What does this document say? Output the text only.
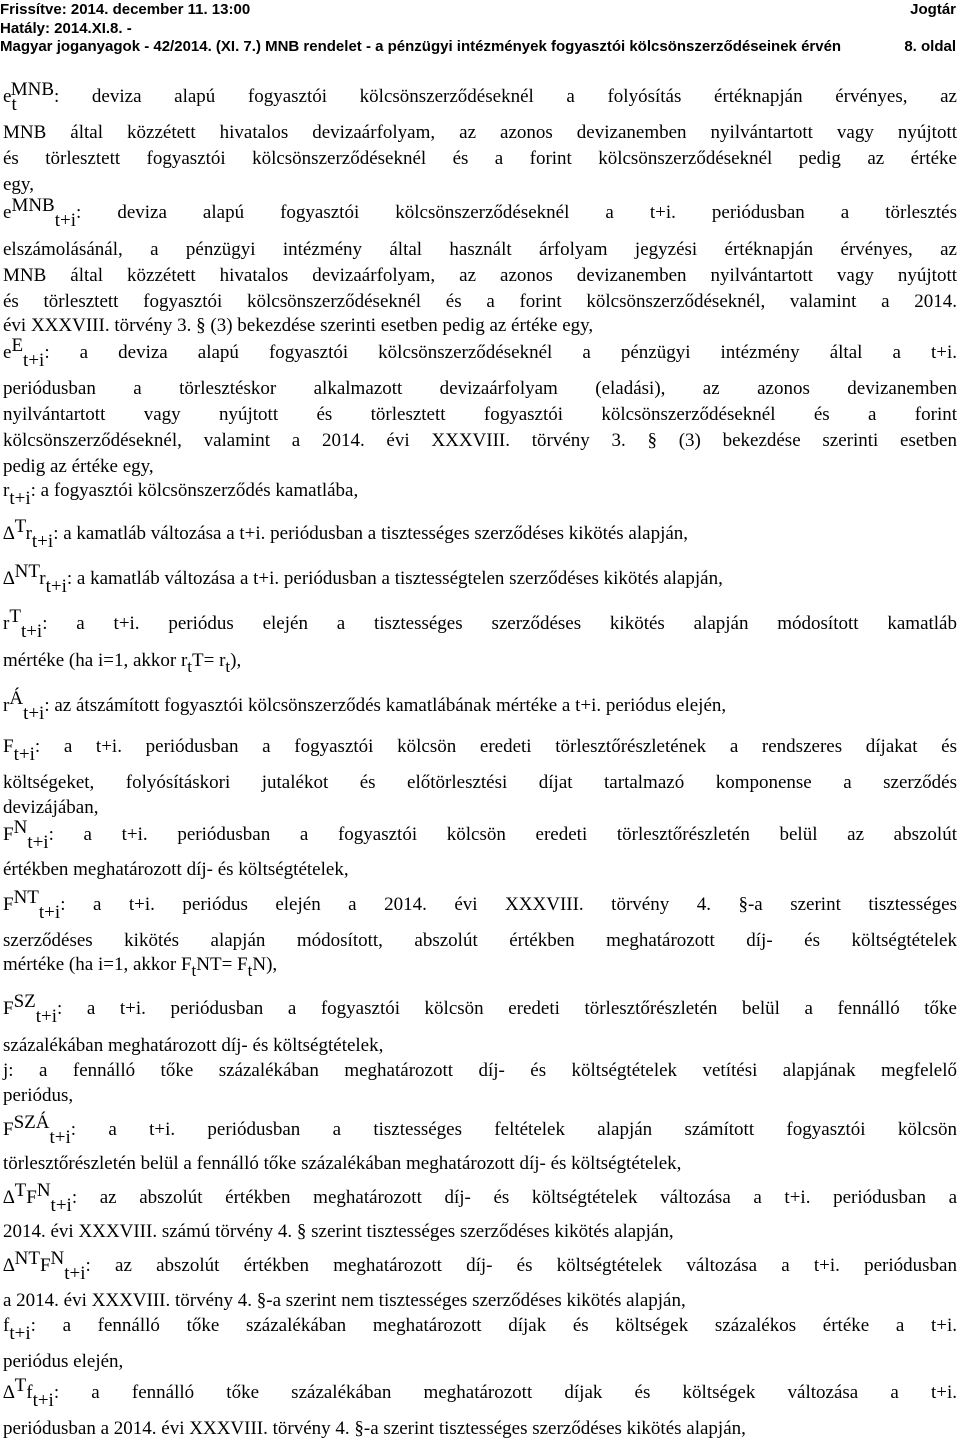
Frissítve: 2014. december 11. 13:00	Jogtár
Hatály: 2014.XI.8. -
Magyar joganyagok - 42/2014. (XI. 7.) MNB rendelet - a pénzügyi intézmények fogyasztói kölcsönszerződéseinek érvén	8. oldal
etMNB: deviza alapú fogyasztói kölcsönszerződéseknél a folyósítás értéknapján érvényes, az
MNB által közzétett hivatalos devizaárfolyam, az azonos devizanemben nyilvántartott vagy nyújtott
és törlesztett fogyasztói kölcsönszerződéseknél és a forint kölcsönszerződéseknél pedig az értéke
egy,
eMNBt+i: deviza alapú fogyasztói kölcsönszerződéseknél a t+i. periódusban a törlesztés
elszámolásánál, a pénzügyi intézmény által használt árfolyam jegyzési értéknapján érvényes, az
MNB által közzétett hivatalos devizaárfolyam, az azonos devizanemben nyilvántartott vagy nyújtott
és törlesztett fogyasztói kölcsönszerződéseknél és a forint kölcsönszerződéseknél, valamint a 2014.
évi XXXVIII. törvény 3. § (3) bekezdése szerinti esetben pedig az értéke egy,
eEt+i: a deviza alapú fogyasztói kölcsönszerződéseknél a pénzügyi intézmény által a t+i.
periódusban a törlesztéskor alkalmazott devizaárfolyam (eladási), az azonos devizanemben
nyilvántartott vagy nyújtott és törlesztett fogyasztói kölcsönszerződéseknél és a forint
kölcsönszerződéseknél, valamint a 2014. évi XXXVIII. törvény 3. § (3) bekezdése szerinti esetben
pedig az értéke egy,
rt+i: a fogyasztói kölcsönszerződés kamatlába,
∆Trt+i: a kamatláb változása a t+i. periódusban a tisztességes szerződéses kikötés alapján,
∆NTrt+i: a kamatláb változása a t+i. periódusban a tisztességtelen szerződéses kikötés alapján,
rTt+i: a t+i. periódus elején a tisztességes szerződéses kikötés alapján módosított kamatláb
mértéke (ha i=1, akkor rtT= rt),
rÁt+i: az átszámított fogyasztói kölcsönszerződés kamatlábának mértéke a t+i. periódus elején,
Ft+i: a t+i. periódusban a fogyasztói kölcsön eredeti törlesztőrészletének a rendszeres díjakat és
költségeket, folyósításkori jutalékot és előtörlesztési díjat tartalmazó komponense a szerződés
devizájában,
FNt+i: a t+i. periódusban a fogyasztói kölcsön eredeti törlesztőrészletén belül az abszolút
értékben meghatározott díj- és költségtételek,
FNTt+i: a t+i. periódus elején a 2014. évi XXXVIII. törvény 4. §-a szerint tisztességes
szerződéses kikötés alapján módosított, abszolút értékben meghatározott díj- és költségtételek
mértéke (ha i=1, akkor FtNT= FtN),
FSZt+i: a t+i. periódusban a fogyasztói kölcsön eredeti törlesztőrészletén belül a fennálló tőke
százalékában meghatározott díj- és költségtételek,
j: a fennálló tőke százalékában meghatározott díj- és költségtételek vetítési alapjának megfelelő
periódus,
FSZÁt+i: a t+i. periódusban a tisztességes feltételek alapján számított fogyasztói kölcsön
törlesztőrészletén belül a fennálló tőke százalékában meghatározott díj- és költségtételek,
∆TFNt+i: az abszolút értékben meghatározott díj- és költségtételek változása a t+i. periódusban a
2014. évi XXXVIII. számú törvény 4. § szerint tisztességes szerződéses kikötés alapján,
∆NTFNt+i: az abszolút értékben meghatározott díj- és költségtételek változása a t+i. periódusban
a 2014. évi XXXVIII. törvény 4. §-a szerint nem tisztességes szerződéses kikötés alapján,
ft+i: a fennálló tőke százalékában meghatározott díjak és költségek százalékos értéke a t+i.
periódus elején,
∆Tft+i: a fennálló tőke százalékában meghatározott díjak és költségek változása a t+i.
periódusban a 2014. évi XXXVIII. törvény 4. §-a szerint tisztességes szerződéses kikötés alapján,
